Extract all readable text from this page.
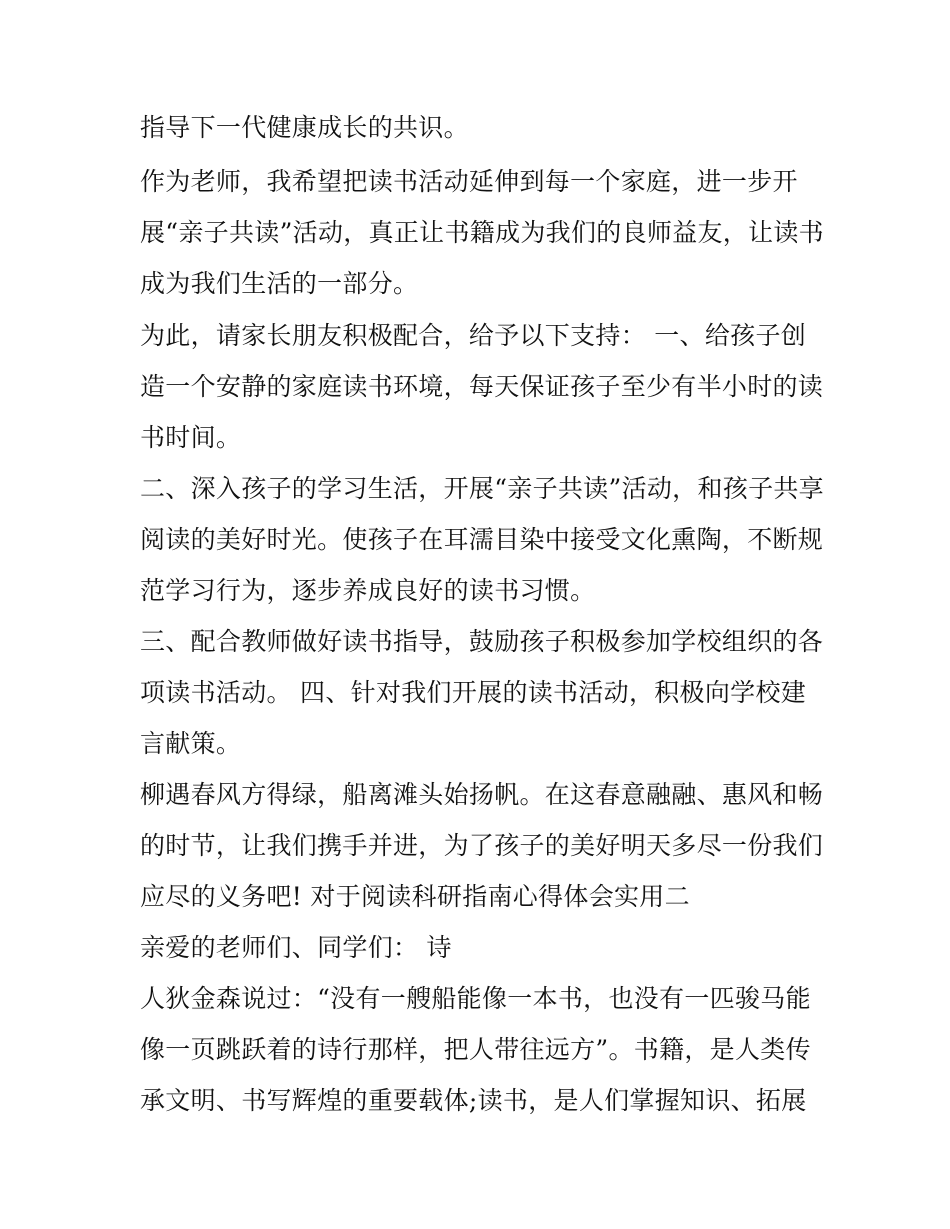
指导下一代健康成长的共识。
作为老师，我希望把读书活动延伸到每一个家庭，进一步开
展“亲子共读”活动，真正让书籍成为我们的良师益友，让读书
成为我们生活的一部分。
为此，请家长朋友积极配合，给予以下支持： 一、给孩子创
造一个安静的家庭读书环境，每天保证孩子至少有半小时的读
书时间。
二、深入孩子的学习生活，开展“亲子共读”活动，和孩子共享
阅读的美好时光。使孩子在耳濡目染中接受文化熏陶，不断规
范学习行为，逐步养成良好的读书习惯。
三、配合教师做好读书指导，鼓励孩子积极参加学校组织的各
项读书活动。 四、针对我们开展的读书活动，积极向学校建
言献策。
柳遇春风方得绿，船离滩头始扬帆。在这春意融融、惠风和畅
的时节，让我们携手并进，为了孩子的美好明天多尽一份我们
应尽的义务吧! 对于阅读科研指南心得体会实用二
亲爱的老师们、同学们： 诗
人狄金森说过：“没有一艘船能像一本书，也没有一匹骏马能
像一页跳跃着的诗行那样，把人带往远方”。书籍，是人类传
承文明、书写辉煌的重要载体;读书，是人们掌握知识、拓展
